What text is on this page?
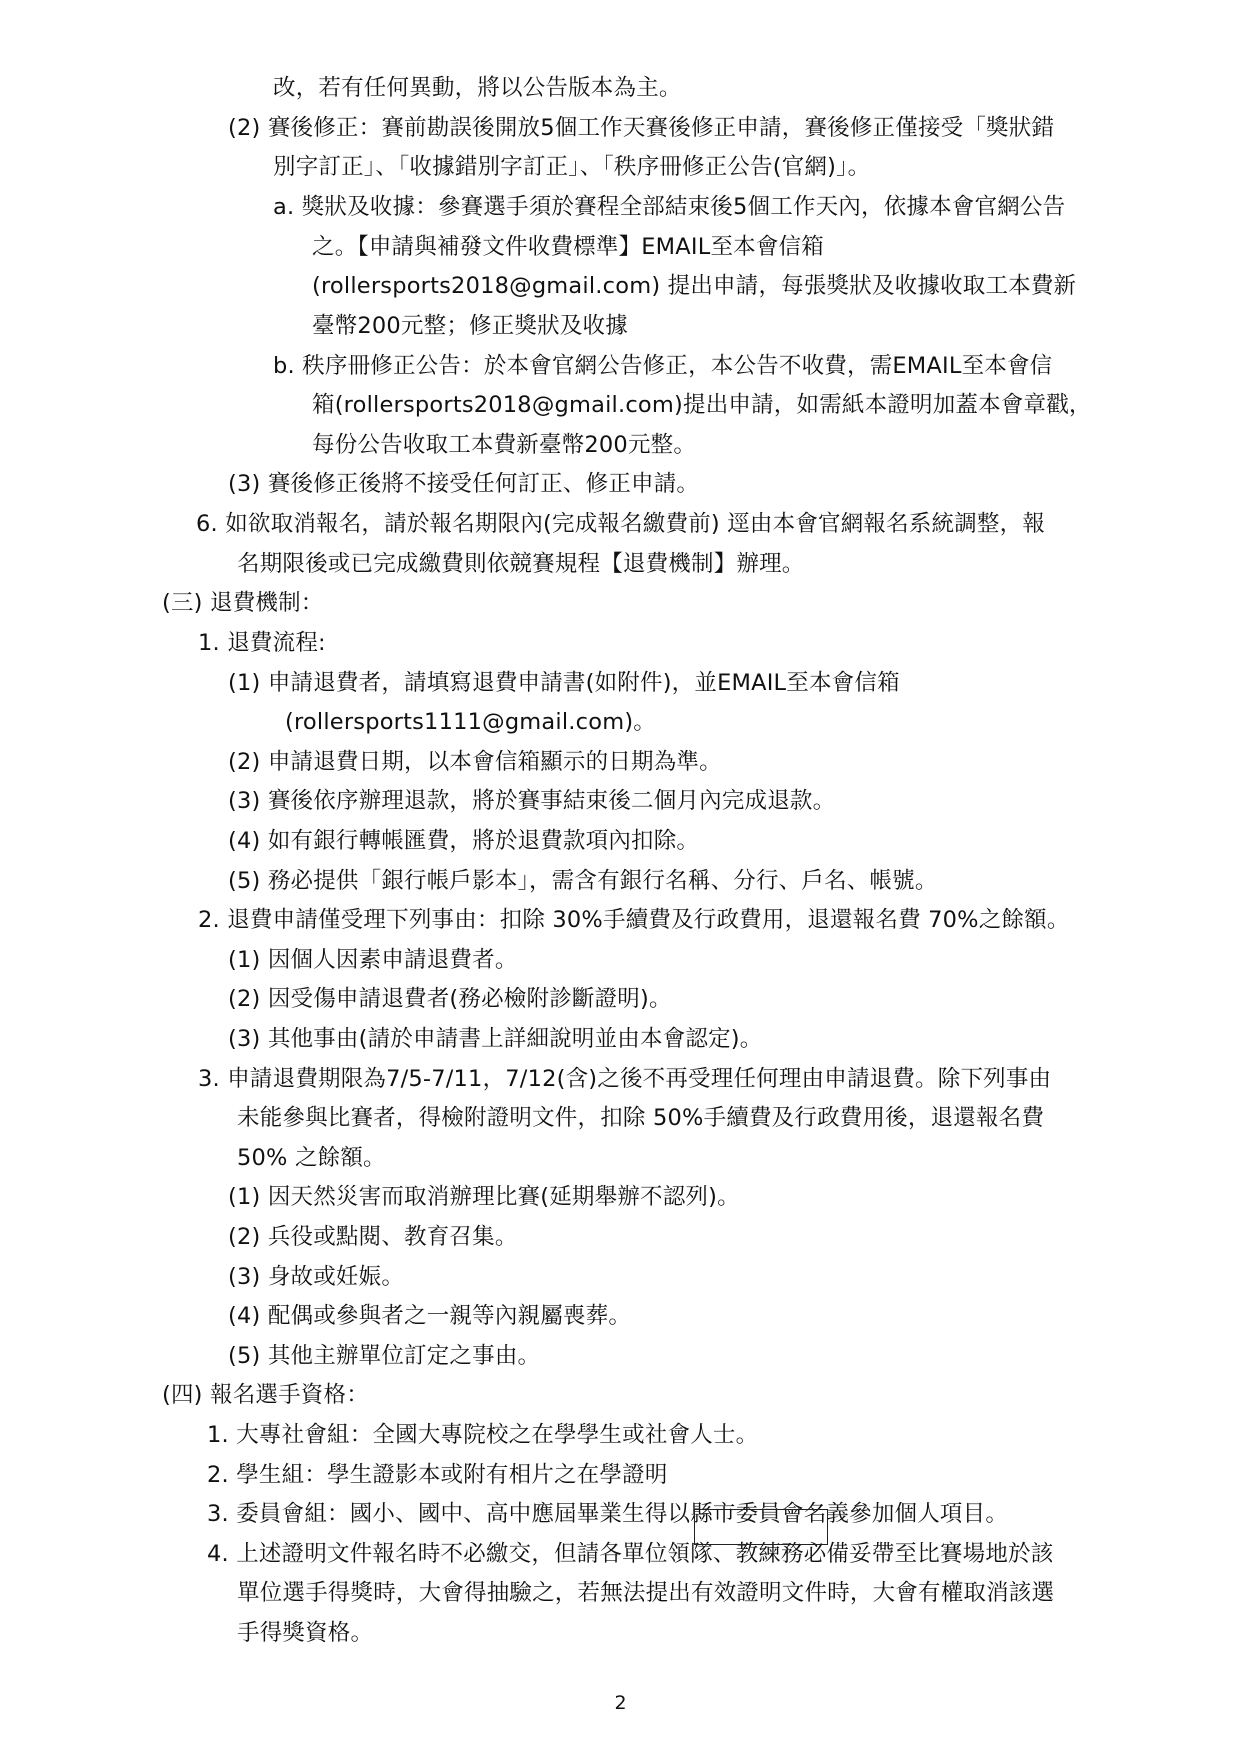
改，若有任何異動，將以公告版本為主。
(2) 賽後修正：賽前勘誤後開放5個工作天賽後修正申請，賽後修正僅接受「獎狀錯
別字訂正」、「收據錯別字訂正」、「秩序冊修正公告(官網)」。
a. 獎狀及收據：參賽選手須於賽程全部結束後5個工作天內，依據本會官網公告
之。【申請與補發文件收費標準】EMAIL至本會信箱
(rollersports2018@gmail.com) 提出申請，每張獎狀及收據收取工本費新
臺幣200元整；修正獎狀及收據
b. 秩序冊修正公告：於本會官網公告修正，本公告不收費，需EMAIL至本會信
箱(rollersports2018@gmail.com)提出申請，如需紙本證明加蓋本會章戳，
每份公告收取工本費新臺幣200元整。
(3) 賽後修正後將不接受任何訂正、修正申請。
6. 如欲取消報名，請於報名期限內(完成報名繳費前) 逕由本會官網報名系統調整，報
名期限後或已完成繳費則依競賽規程【退費機制】辦理。
(三) 退費機制：
1. 退費流程:
(1) 申請退費者，請填寫退費申請書(如附件)，並EMAIL至本會信箱
(rollersports1111@gmail.com)。
(2) 申請退費日期，以本會信箱顯示的日期為準。
(3) 賽後依序辦理退款，將於賽事結束後二個月內完成退款。
(4) 如有銀行轉帳匯費，將於退費款項內扣除。
(5) 務必提供「銀行帳戶影本」，需含有銀行名稱、分行、戶名、帳號。
2. 退費申請僅受理下列事由：扣除 30%手續費及行政費用，退還報名費 70%之餘額。
(1) 因個人因素申請退費者。
(2) 因受傷申請退費者(務必檢附診斷證明)。
(3) 其他事由(請於申請書上詳細說明並由本會認定)。
3. 申請退費期限為7/5-7/11，7/12(含)之後不再受理任何理由申請退費。除下列事由
未能參與比賽者，得檢附證明文件，扣除 50%手續費及行政費用後，退還報名費
50% 之餘額。
(1) 因天然災害而取消辦理比賽(延期舉辦不認列)。
(2) 兵役或點閱、教育召集。
(3) 身故或妊娠。
(4) 配偶或參與者之一親等內親屬喪葬。
(5) 其他主辦單位訂定之事由。
(四) 報名選手資格：
1. 大專社會組：全國大專院校之在學學生或社會人士。
2. 學生組：學生證影本或附有相片之在學證明
3. 委員會組：國小、國中、高中應屆畢業生得以縣市委員會名義參加個人項目。
4. 上述證明文件報名時不必繳交，但請各單位領隊、教練務必備妥帶至比賽場地於該
單位選手得獎時，大會得抽驗之，若無法提出有效證明文件時，大會有權取消該選
手得獎資格。
2
